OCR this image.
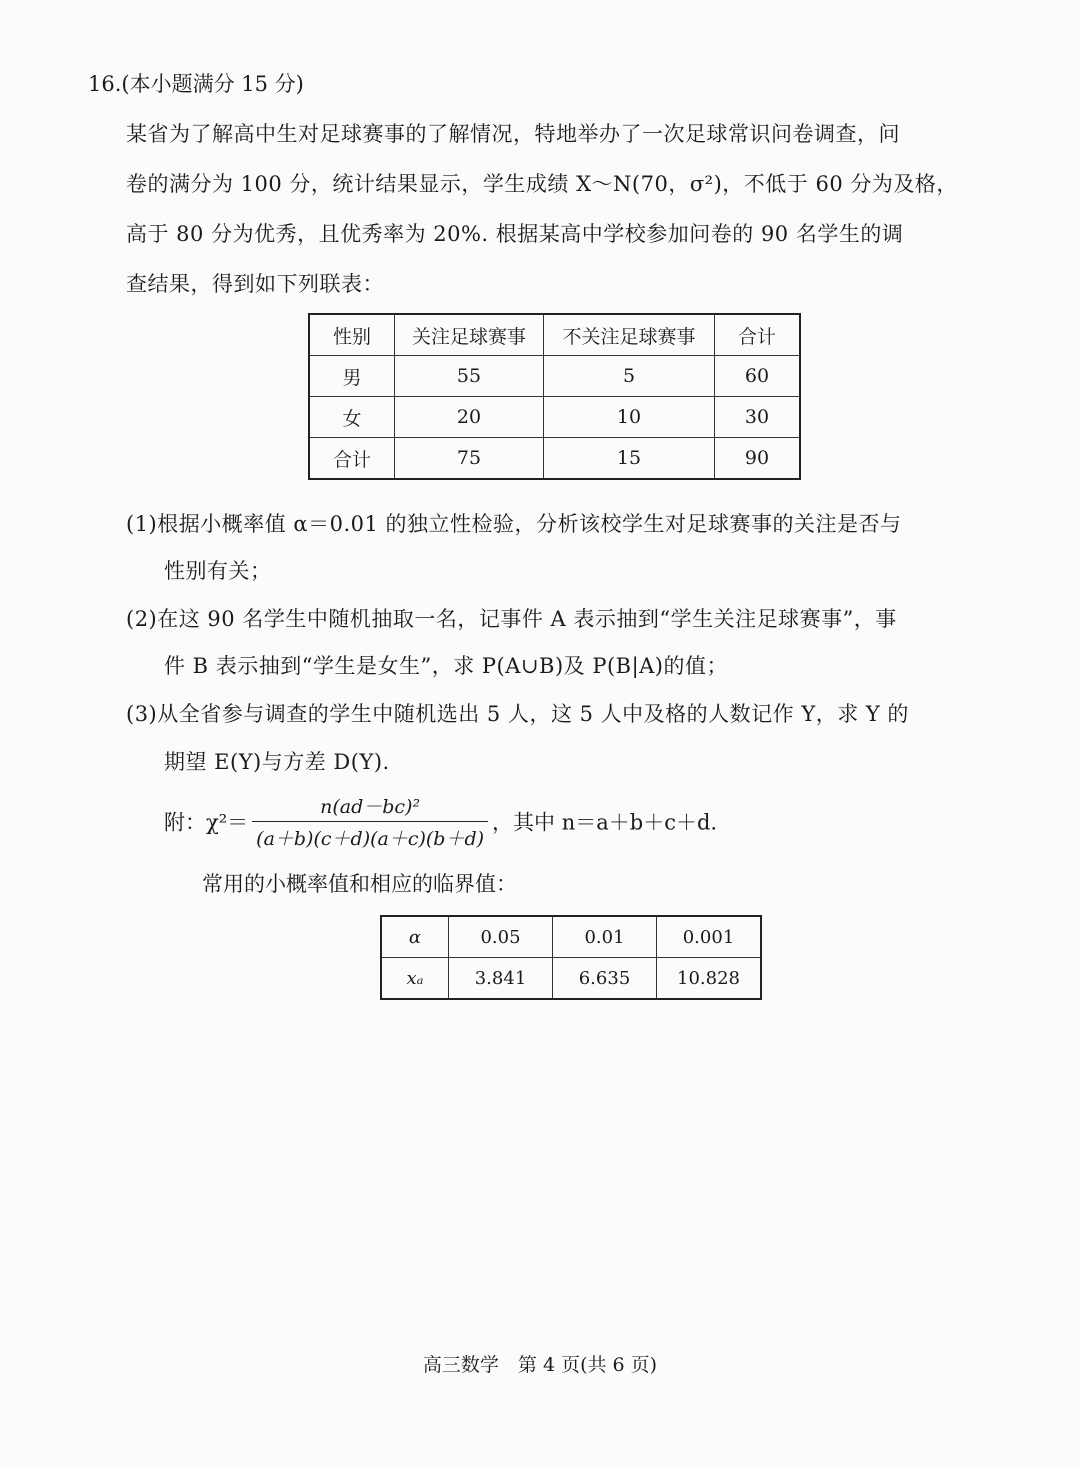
16.(本小题满分 15 分)
某省为了解高中生对足球赛事的了解情况，特地举办了一次足球常识问卷调查，问
卷的满分为 100 分，统计结果显示，学生成绩 X～N(70，σ²)，不低于 60 分为及格，
高于 80 分为优秀，且优秀率为 20%. 根据某高中学校参加问卷的 90 名学生的调
查结果，得到如下列联表：
性别	关注足球赛事	不关注足球赛事	合计
男	55	5	60
女	20	10	30
合计	75	15	90
(1)根据小概率值 α＝0.01 的独立性检验，分析该校学生对足球赛事的关注是否与
性别有关；
(2)在这 90 名学生中随机抽取一名，记事件 A 表示抽到“学生关注足球赛事”，事
件 B 表示抽到“学生是女生”，求 P(A∪B)及 P(B|A)的值；
(3)从全省参与调查的学生中随机选出 5 人，这 5 人中及格的人数记作 Y，求 Y 的
期望 E(Y)与方差 D(Y).
附：$\chi^2= \frac{\text{n(ad－bc)²}}{(a+b)(c+d)(a+c)(b+d)}$ ，其中 n＝a＋b＋c＋d.
常用的小概率值和相应的临界值：
α	0.05	0.01	0.001
xₐ	3.841	6.635	10.828
高三数学　第 4 页(共 6 页)
